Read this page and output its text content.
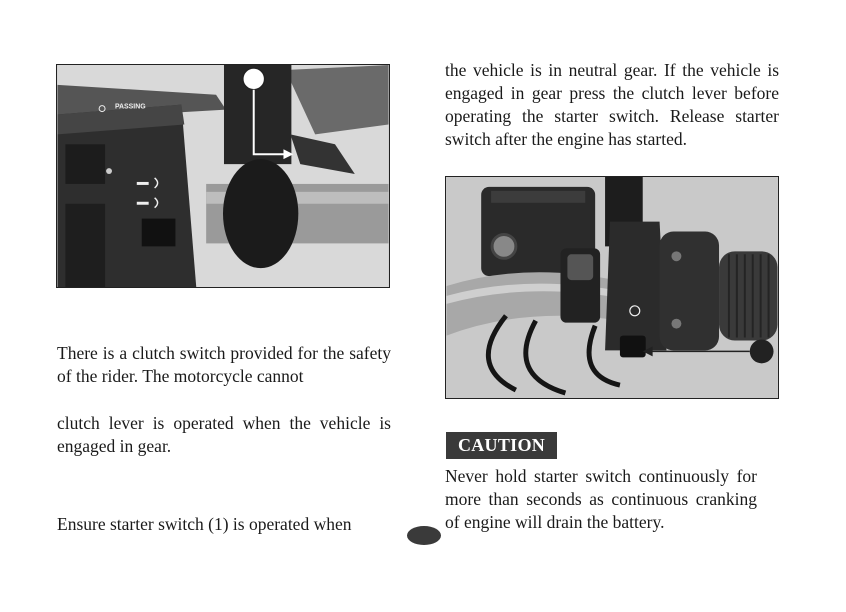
PASSING

the vehicle is in neutral gear. If the vehicle is engaged in gear press the clutch lever before operating the starter switch. Release starter switch after the engine has started.

There is a clutch switch provided for the safety of the rider. The motorcycle cannot

clutch lever is operated when the vehicle is engaged in gear.

Ensure starter switch (1) is operated when

CAUTION

Never hold starter switch continuously for more than seconds as continuous cranking of engine will drain the battery.
